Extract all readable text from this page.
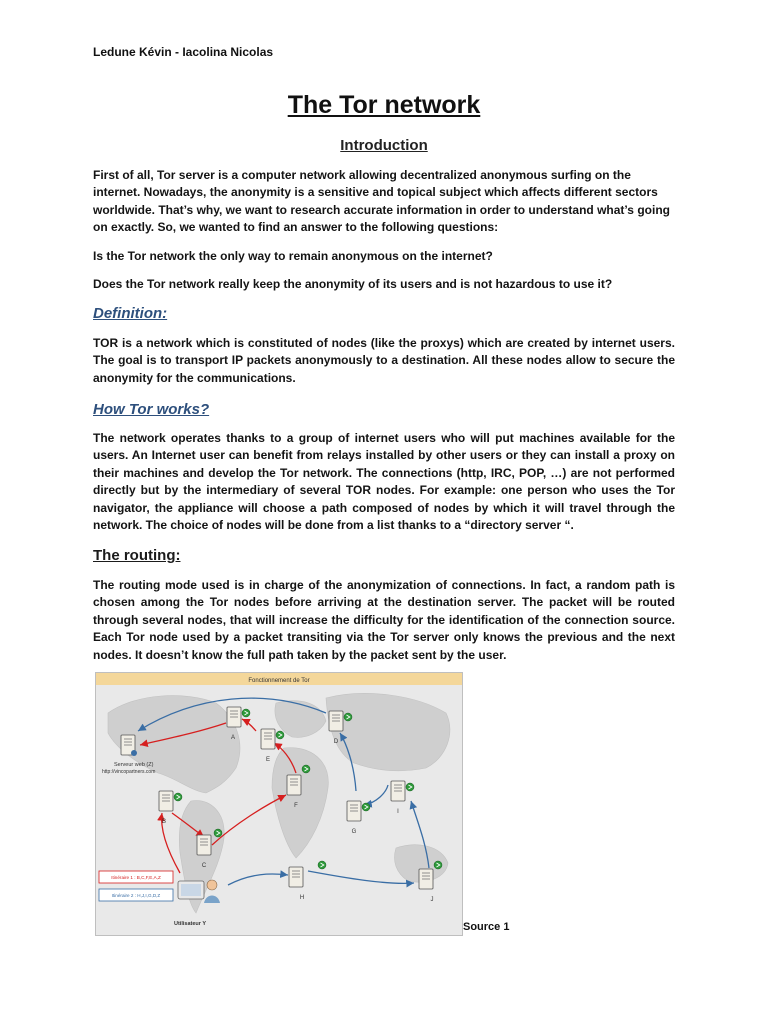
Ledune Kévin - Iacolina Nicolas
The Tor network
Introduction

First of all, Tor server is a computer network allowing decentralized anonymous surfing on the internet. Nowadays, the anonymity is a sensitive and topical subject which affects different sectors worldwide. That’s why, we want to research accurate information in order to understand what’s going on exactly. So, we wanted to find an answer to the following questions:

Is the Tor network the only way to remain anonymous on the internet?

Does the Tor network really keep the anonymity of its users and is not hazardous to use it?

Definition:

TOR is a network which is constituted of nodes (like the proxys) which are created by internet users. The goal is to transport IP packets anonymously to a destination. All these nodes allow to secure the anonymity for the communications.

How Tor works?

The network operates thanks to a group of internet users who will put machines available for the users. An Internet user can benefit from relays installed by other users or they can install a proxy on their machines and develop the Tor network. The connections (http, IRC, POP, …) are not performed directly but by the intermediary of several TOR nodes. For example: one person who uses the Tor navigator, the appliance will choose a path composed of nodes by which it will travel through the network. The choice of nodes will be done from a list thanks to a “directory server “.

The routing:

The routing mode used is in charge of the anonymization of connections. In fact, a random path is chosen among the Tor nodes before arriving at the destination server. The packet will be routed through several nodes, that will increase the difficulty for the identification of the connection source. Each Tor node used by a packet transiting via the Tor server only knows the previous and the next nodes. It doesn’t know the full path taken by the packet sent by the user.

Fonctionnement de Tor
A
B
C
D
E
F
G
H
I
J
Serveur web (Z)
http://vincopartners.com
Utilisateur Y
Itinéraire 1 : B,C,F,E,A,Z
Itinéraire 2 : H,J,I,G,D,Z
Source 1
